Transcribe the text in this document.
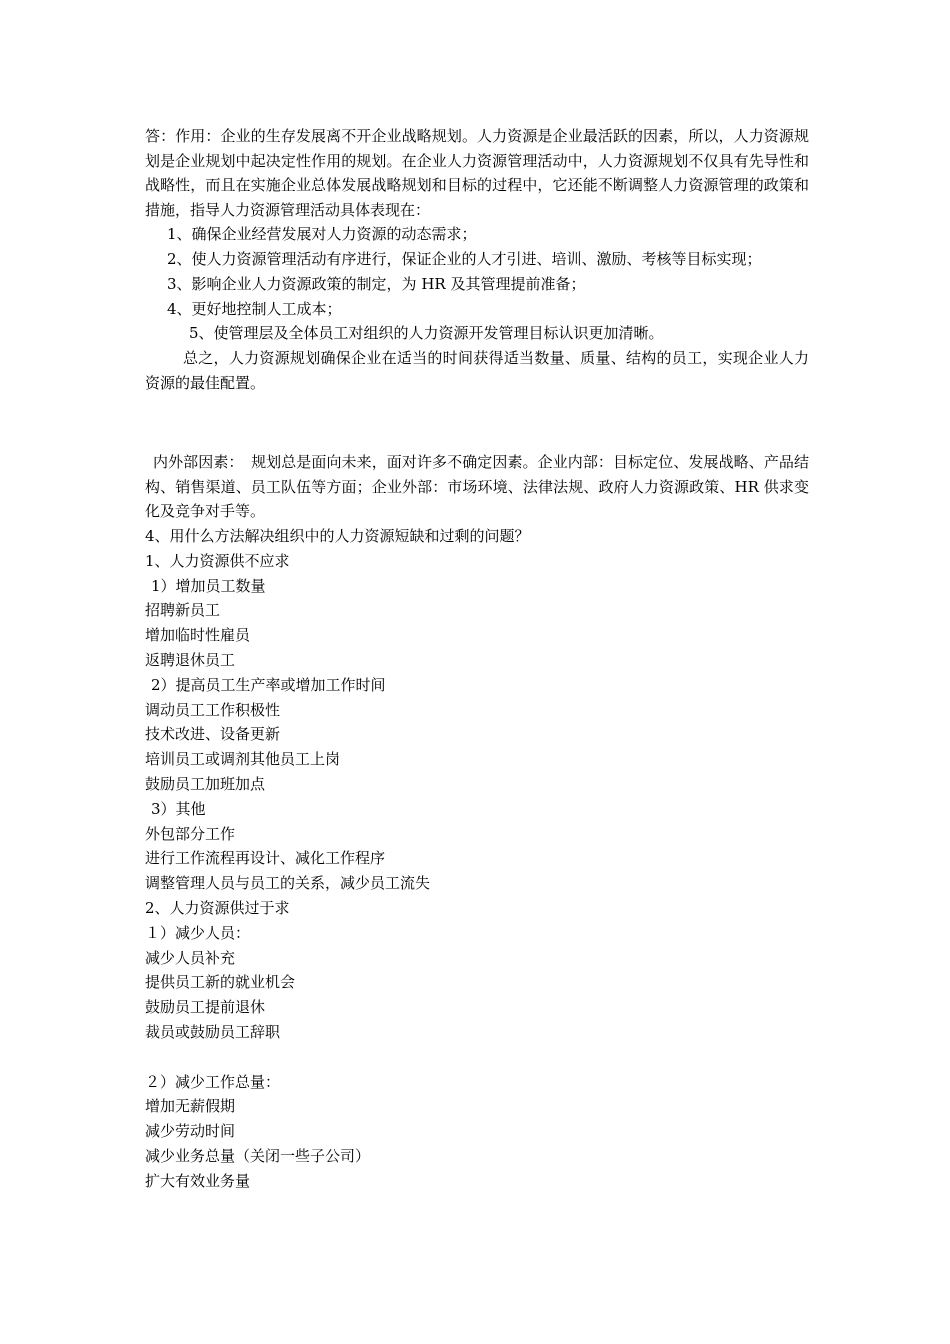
答：作用：企业的生存发展离不开企业战略规划。人力资源是企业最活跃的因素，所以，人力资源规划是企业规划中起决定性作用的规划。在企业人力资源管理活动中，人力资源规划不仅具有先导性和战略性，而且在实施企业总体发展战略规划和目标的过程中，它还能不断调整人力资源管理的政策和措施，指导人力资源管理活动具体表现在：

1、确保企业经营发展对人力资源的动态需求；

2、使人力资源管理活动有序进行，保证企业的人才引进、培训、激励、考核等目标实现；

3、影响企业人力资源政策的制定，为 HR 及其管理提前准备；

4、更好地控制人工成本；

5、使管理层及全体员工对组织的人力资源开发管理目标认识更加清晰。

总之，人力资源规划确保企业在适当的时间获得适当数量、质量、结构的员工，实现企业人力资源的最佳配置。

内外部因素：　规划总是面向未来，面对许多不确定因素。企业内部：目标定位、发展战略、产品结构、销售渠道、员工队伍等方面；企业外部：市场环境、法律法规、政府人力资源政策、HR 供求变化及竞争对手等。

4、用什么方法解决组织中的人力资源短缺和过剩的问题？

1、人力资源供不应求

1）增加员工数量

招聘新员工

增加临时性雇员

返聘退休员工

2）提高员工生产率或增加工作时间

调动员工工作积极性

技术改进、设备更新

培训员工或调剂其他员工上岗

鼓励员工加班加点

3）其他

外包部分工作

进行工作流程再设计、减化工作程序

调整管理人员与员工的关系，减少员工流失

2、人力资源供过于求

１）减少人员：

减少人员补充

提供员工新的就业机会

鼓励员工提前退休

裁员或鼓励员工辞职

２）减少工作总量：

增加无薪假期

减少劳动时间

减少业务总量（关闭一些子公司）

扩大有效业务量
